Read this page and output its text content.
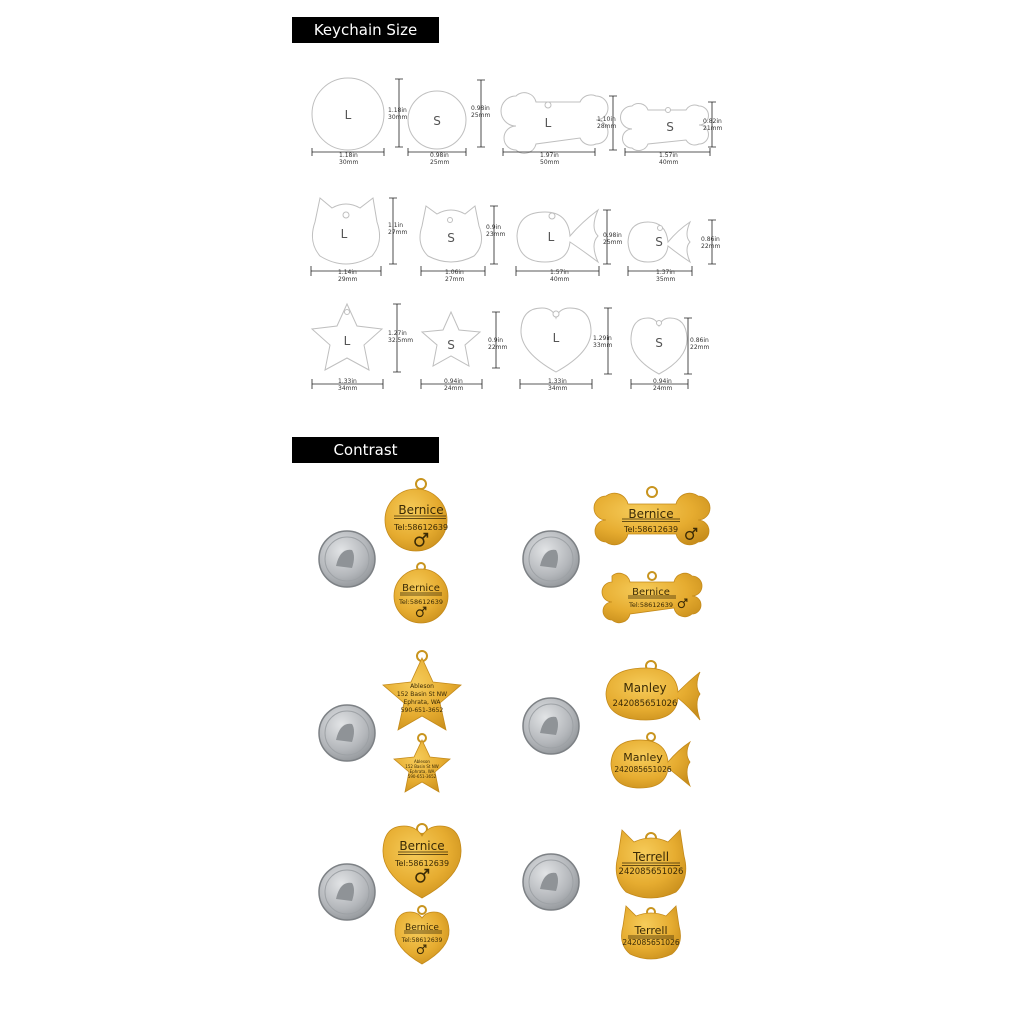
Keychain Size
Contrast
L	S	L	S
L	S	L	S
L	S	L	S
1.18in
30mm
1.18in
30mm
0.98in
25mm
0.98in
25mm
1.10in
28mm
1.97in
50mm
0.82in
21mm
1.57in
40mm
1.1in
27mm
1.14in
29mm
0.9in
23mm
1.06in
27mm
0.98in
25mm
1.57in
40mm
0.86in
22mm
1.37in
35mm
1.27in
32.5mm
1.33in
34mm
0.9in
22mm
0.94in
24mm
1.29in
33mm
1.33in
34mm
0.86in
22mm
0.94in
24mm
Bernice
Tel:58612639
Bernice
Tel:58612639
Bernice
Tel:58612639
Bernice
Tel:58612639
Ableson
152 Basin St NW
Ephrata, WA
590-651-3652
Ableson
152 Basin St NW
Ephrata, WA
590-651-3652
Manley
242085651026
Manley
242085651026
Bernice
Tel:58612639
Bernice
Tel:58612639
Terrell
242085651026
Terrell
242085651026
